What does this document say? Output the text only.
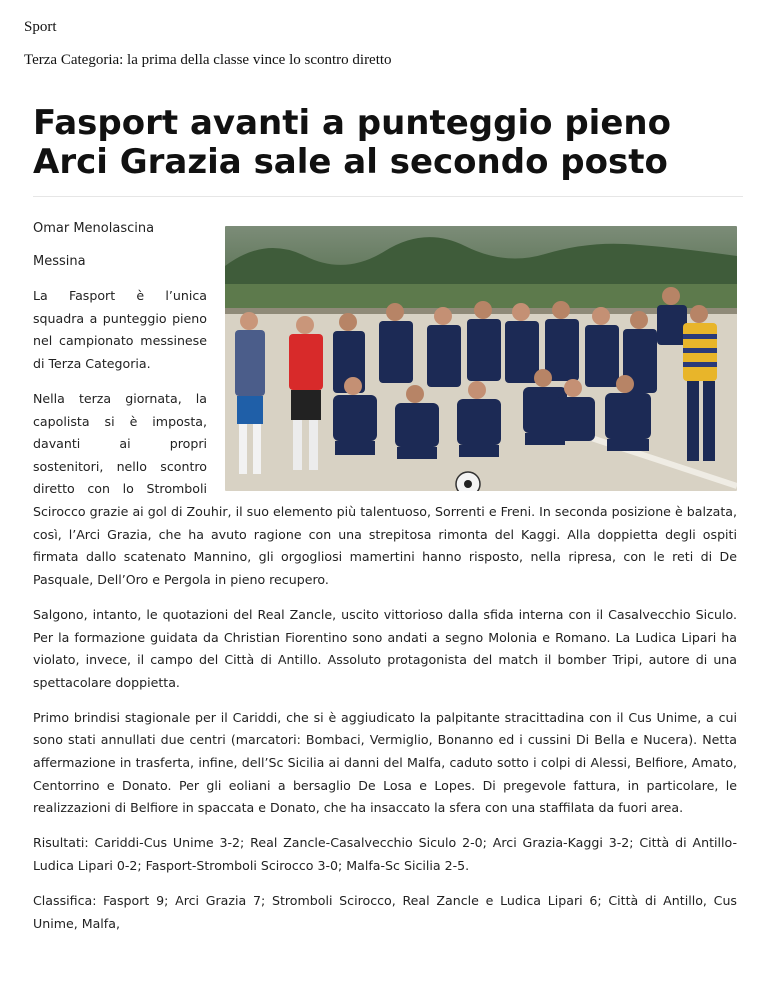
Sport
Terza Categoria: la prima della classe vince lo scontro diretto
Fasport avanti a punteggio pieno
Arci Grazia sale al secondo posto
Omar Menolascina
Messina

La Fasport è l’unica squadra a punteggio pieno nel campionato messinese di Terza Categoria.

Nella terza giornata, la capolista si è imposta, davanti ai propri sostenitori, nello scontro diretto con lo Stromboli Scirocco grazie ai gol di Zouhir, il suo elemento più talentuoso, Sorrenti e Freni. In seconda posizione è balzata, così, l’Arci Grazia, che ha avuto ragione con una strepitosa rimonta del Kaggi. Alla doppietta degli ospiti firmata dallo scatenato Mannino, gli orgogliosi mamertini hanno risposto, nella ripresa, con le reti di De Pasquale, Dell’Oro e Pergola in pieno recupero.

Salgono, intanto, le quotazioni del Real Zancle, uscito vittorioso dalla sfida interna con il Casalvecchio Siculo. Per la formazione guidata da Christian Fiorentino sono andati a segno Molonia e Romano. La Ludica Lipari ha violato, invece, il campo del Città di Antillo. Assoluto protagonista del match il bomber Tripi, autore di una spettacolare doppietta.

Primo brindisi stagionale per il Cariddi, che si è aggiudicato la palpitante stracittadina con il Cus Unime, a cui sono stati annullati due centri (marcatori: Bombaci, Vermiglio, Bonanno ed i cussini Di Bella e Nucera). Netta affermazione in trasferta, infine, dell’Sc Sicilia ai danni del Malfa, caduto sotto i colpi di Alessi, Belfiore, Amato, Centorrino e Donato. Per gli eoliani a bersaglio De Losa e Lopes. Di pregevole fattura, in particolare, le realizzazioni di Belfiore in spaccata e Donato, che ha insaccato la sfera con una staffilata da fuori area.

Risultati: Cariddi-Cus Unime 3-2; Real Zancle-Casalvecchio Siculo 2-0; Arci Grazia-Kaggi 3-2; Città di Antillo-Ludica Lipari 0-2; Fasport-Stromboli Scirocco 3-0; Malfa-Sc Sicilia 2-5.

Classifica: Fasport 9; Arci Grazia 7; Stromboli Scirocco, Real Zancle e Ludica Lipari 6; Città di Antillo, Cus Unime, Malfa,
